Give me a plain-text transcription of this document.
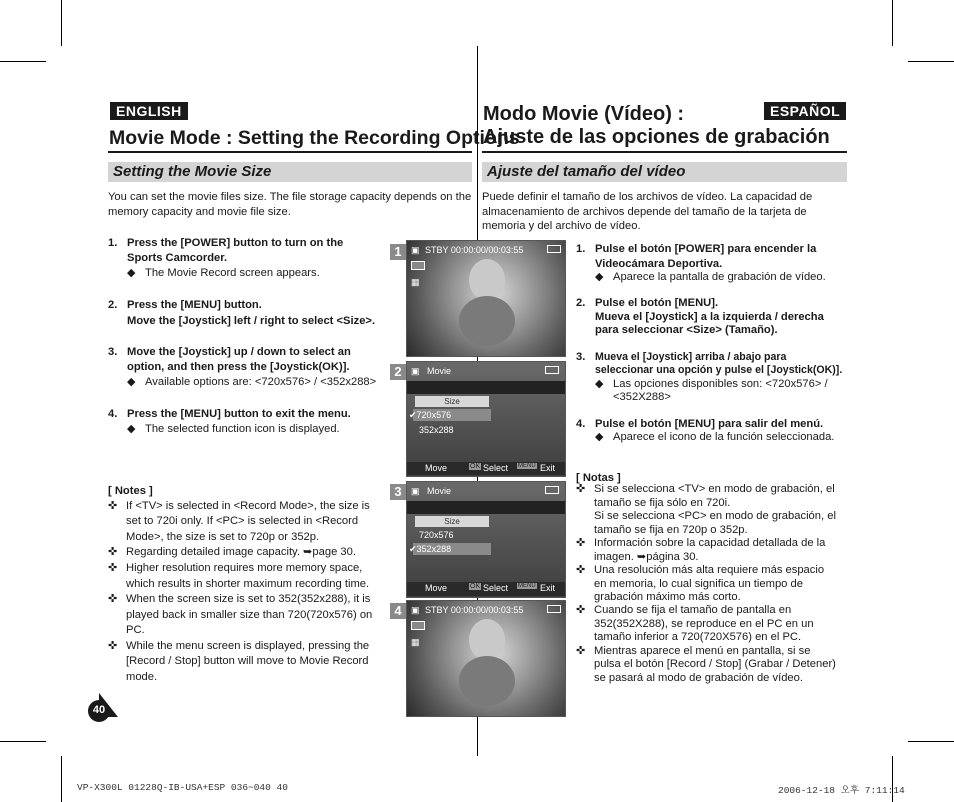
ENGLISH
Movie Mode : Setting the Recording Options
ESPAÑOL
Modo Movie (Vídeo) :
Ajuste de las opciones de grabación
Setting the Movie Size	Ajuste del tamaño del vídeo
You can set the movie files size. The file storage capacity depends on the memory capacity and movie file size.
1. Press the [POWER] button to turn on the
Sports Camcorder.
◆ The Movie Record screen appears.
2. Press the [MENU] button.
Move the [Joystick] left / right to select <Size>.
3. Move the [Joystick] up / down to select an
option, and then press the [Joystick(OK)].
◆ Available options are: <720x576> / <352x288>
4. Press the [MENU] button to exit the menu.
◆ The selected function icon is displayed.
[ Notes ]
✜ If <TV> is selected in <Record Mode>, the size is
set to 720i only. If <PC> is selected in <Record
Mode>, the size is set to 720p or 352p.
✜ Regarding detailed image capacity. ➥page 30.
✜ Higher resolution requires more memory space,
which results in shorter maximum recording time.
✜ When the screen size is set to 352(352x288), it is
played back in smaller size than 720(720x576) on
PC.
✜ While the menu screen is displayed, pressing the
[Record / Stop] button will move to Movie Record
mode.
1	▣ STBY 00:00:00/00:03:55
▦
2	▣ Movie
Size
✔720x576
352x288
Move	OK Select MENU Exit
3	▣ Movie
Size
720x576
✔352x288
Move	OK Select MENU Exit
4	▣ STBY 00:00:00/00:03:55
▦
Puede definir el tamaño de los archivos de vídeo. La capacidad de almacenamiento de archivos depende del tamaño de la tarjeta de memoria y del archivo de vídeo.
1. Pulse el botón [POWER] para encender la
Videocámara Deportiva.
◆ Aparece la pantalla de grabación de vídeo.
2. Pulse el botón [MENU].
Mueva el [Joystick] a la izquierda / derecha
para seleccionar <Size> (Tamaño).
3. Mueva el [Joystick] arriba / abajo para
seleccionar una opción y pulse el [Joystick(OK)].
◆ Las opciones disponibles son: <720x576> /
<352X288>
4. Pulse el botón [MENU] para salir del menú.
◆ Aparece el icono de la función seleccionada.
[ Notas ]
✜ Si se selecciona <TV> en modo de grabación, el
tamaño se fija sólo en 720i.
Si se selecciona <PC> en modo de grabación, el
tamaño se fija en 720p o 352p.
✜ Información sobre la capacidad detallada de la
imagen. ➥página 30.
✜ Una resolución más alta requiere más espacio
en memoria, lo cual significa un tiempo de
grabación máximo más corto.
✜ Cuando se fija el tamaño de pantalla en
352(352X288), se reproduce en el PC en un
tamaño inferior a 720(720X576) en el PC.
✜ Mientras aparece el menú en pantalla, si se
pulsa el botón [Record / Stop] (Grabar / Detener)
se pasará al modo de grabación de vídeo.
40
VP-X300L 01228Q-IB-USA+ESP 036~040 40	2006-12-18 오후 7:11:14
